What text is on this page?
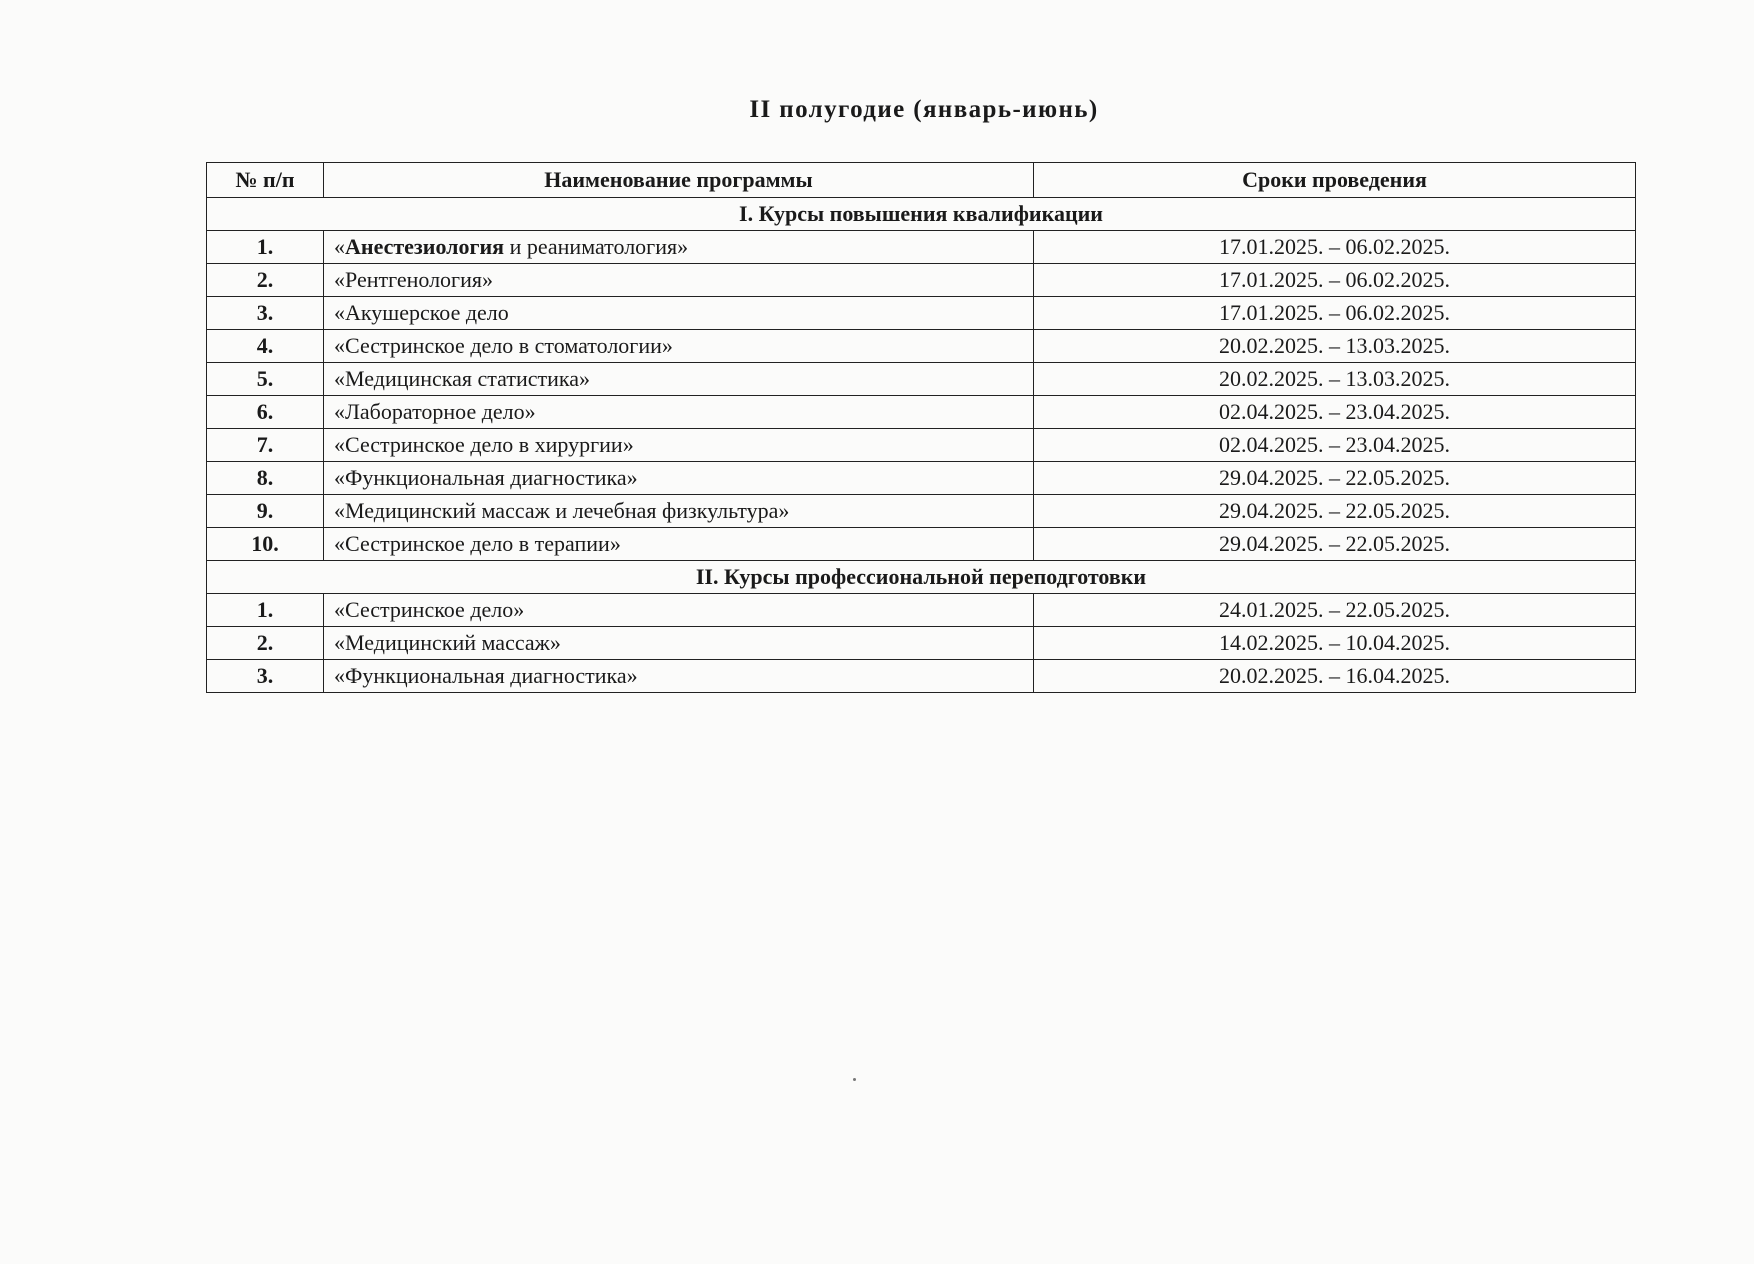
II полугодие (январь-июнь)
№ п/п	Наименование программы	Сроки проведения
I. Курсы повышения квалификации		
1.	«Анестезиология и реаниматология»	17.01.2025. – 06.02.2025.
2.	«Рентгенология»	17.01.2025. – 06.02.2025.
3.	«Акушерское дело	17.01.2025. – 06.02.2025.
4.	«Сестринское дело в стоматологии»	20.02.2025. – 13.03.2025.
5.	«Медицинская статистика»	20.02.2025. – 13.03.2025.
6.	«Лабораторное дело»	02.04.2025. – 23.04.2025.
7.	«Сестринское дело в хирургии»	02.04.2025. – 23.04.2025.
8.	«Функциональная диагностика»	29.04.2025. – 22.05.2025.
9.	«Медицинский массаж и лечебная физкультура»	29.04.2025. – 22.05.2025.
10.	«Сестринское дело в терапии»	29.04.2025. – 22.05.2025.
II. Курсы профессиональной переподготовки		
1.	«Сестринское дело»	24.01.2025. – 22.05.2025.
2.	«Медицинский массаж»	14.02.2025. – 10.04.2025.
3.	«Функциональная диагностика»	20.02.2025. – 16.04.2025.
